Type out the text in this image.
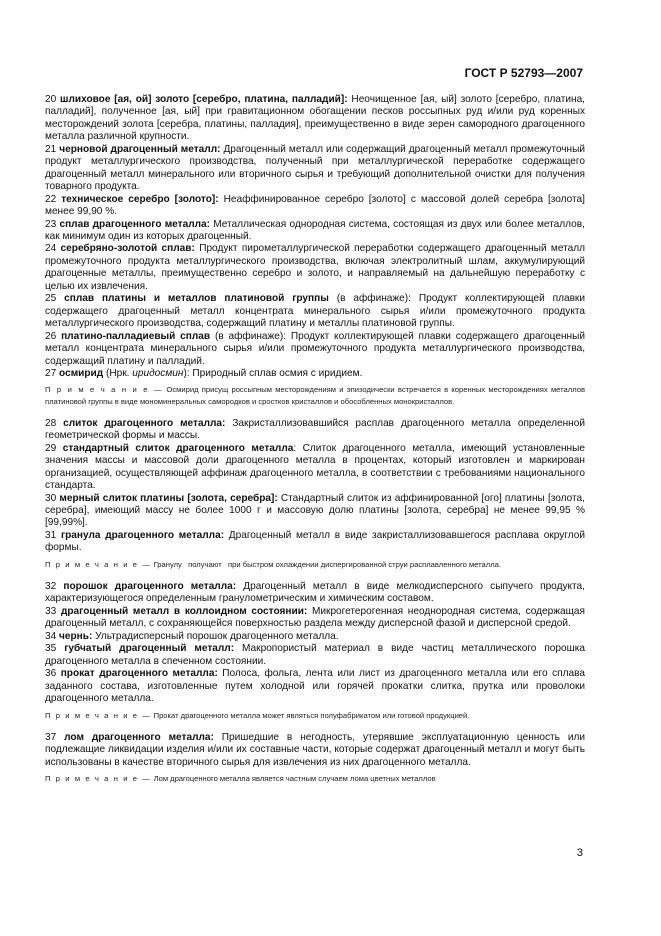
ГОСТ Р 52793—2007

20 шлиховое [ая, ой] золото [серебро, платина, палладий]: Неочищенное [ая, ый] золото [серебро, платина, палладий], полученное [ая, ый] при гравитационном обогащении песков россыпных руд и/или руд коренных месторождений золота [серебра, платины, палладия], преимущественно в виде зерен самородного драгоценного металла различной крупности.

21 черновой драгоценный металл: Драгоценный металл или содержащий драгоценный металл промежуточный продукт металлургического производства, полученный при металлургической переработке содержащего драгоценный металл минерального или вторичного сырья и требующий дополнительной очистки для получения товарного продукта.

22 техническое серебро [золото]: Неаффинированное серебро [золото] с массовой долей серебра [золота] менее 99,90 %.

23 сплав драгоценного металла: Металлическая однородная система, состоящая из двух или более металлов, как минимум один из которых драгоценный.

24 серебряно-золотой сплав: Продукт пирометаллургической переработки содержащего драгоценный металл промежуточного продукта металлургического производства, включая электролитный шлам, аккумулирующий драгоценные металлы, преимущественно серебро и золото, и направляемый на дальнейшую переработку с целью их извлечения.

25 сплав платины и металлов платиновой группы (в аффинаже): Продукт коллектирующей плавки содержащего драгоценный металл концентрата минерального сырья и/или промежуточного продукта металлургического производства, содержащий платину и металлы платиновой группы.

26 платино-палладиевый сплав (в аффинаже): Продукт коллектирующей плавки содержащего драгоценный металл концентрата минерального сырья и/или промежуточного продукта металлургического производства, содержащий платину и палладий.

27 осмирид (Нрк. иридосмин): Природный сплав осмия с иридием.

П р и м е ч а н и е — Осмирид присущ россыпным месторождениям и эпизодически встречается в коренных месторождениях металлов платиновой группы в виде мономинеральных самородков и сростков кристаллов и обособленных монокристаллов.

28 слиток драгоценного металла: Закристаллизовавшийся расплав драгоценного металла определенной геометрической формы и массы.

29 стандартный слиток драгоценного металла: Слиток драгоценного металла, имеющий установленные значения массы и массовой доли драгоценного металла в процентах, который изготовлен и маркирован организацией, осуществляющей аффинаж драгоценного металла, в соответствии с требованиями национального стандарта.

30 мерный слиток платины [золота, серебра]: Стандартный слиток из аффинированной [ого] платины [золота, серебра], имеющий массу не более 1000 г и массовую долю платины [золота, серебра] не менее 99,95 % [99,99%].

31 гранула драгоценного металла: Драгоценный металл в виде закристаллизовавшегося расплава округлой формы.

П р и м е ч а н и е — Гранулу   получают   при быстром охлаждении диспергированной струи расплавленного металла.

32 порошок драгоценного металла: Драгоценный металл в виде мелкодисперсного сыпучего продукта, характеризующегося определенным гранулометрическим и химическим составом.

33 драгоценный металл в коллоидном состоянии: Микрогетерогенная неоднородная система, содержащая драгоценный металл, с сохраняющейся поверхностью раздела между дисперсной фазой и дисперсной средой.

34 чернь: Ультрадисперсный порошок драгоценного металла.

35 губчатый драгоценный металл: Макропористый материал в виде частиц металлического порошка драгоценного металла в спеченном состоянии.

36 прокат драгоценного металла: Полоса, фольга, лента или лист из драгоценного металла или его сплава заданного состава, изготовленные путем холодной или горячей прокатки слитка, прутка или проволоки драгоценного металла.

П р и м е ч а н и е — Прокат драгоценного металла может являться полуфабрикатом или готовой продукцией.

37 лом драгоценного металла: Пришедшие в негодность, утерявшие эксплуатационную ценность или подлежащие ликвидации изделия и/или их составные части, которые содержат драгоценный металл и могут быть использованы в качестве вторичного сырья для извлечения из них драгоценного металла.

П р и м е ч а н и е — Лом драгоценного металла является частным случаем лома цветных металлов

3
